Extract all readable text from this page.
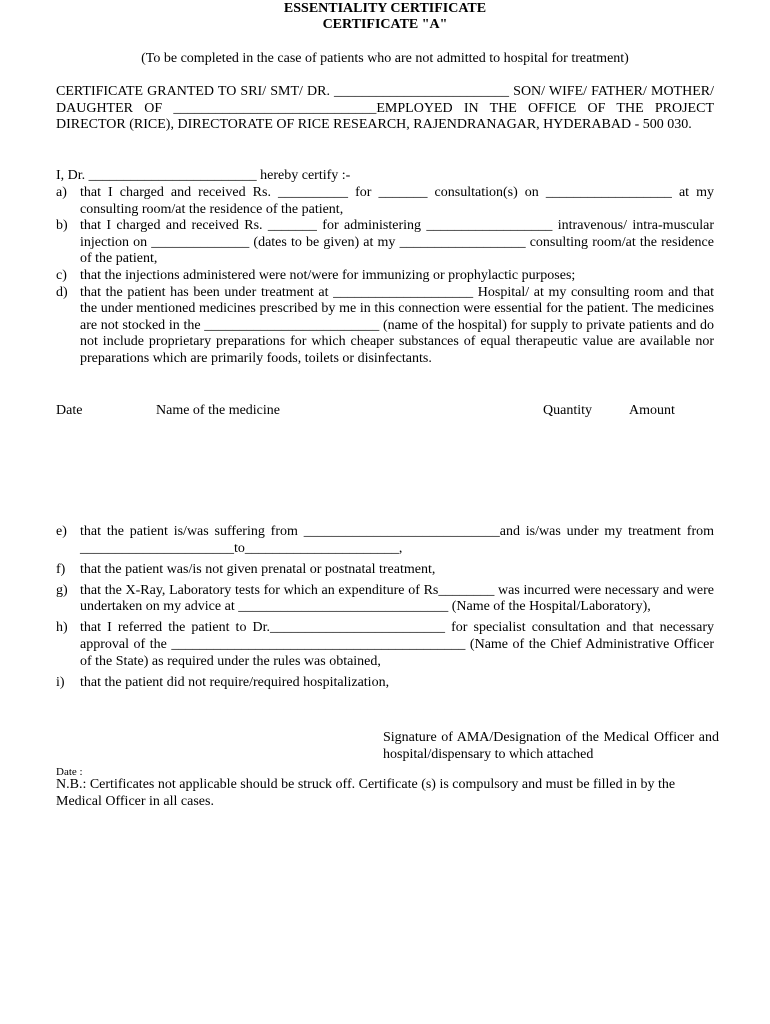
ESSENTIALITY CERTIFICATE
CERTIFICATE "A"
(To be completed in the case of patients who are not admitted to hospital for treatment)
CERTIFICATE GRANTED TO SRI/ SMT/ DR. _________________________ SON/ WIFE/ FATHER/ MOTHER/ DAUGHTER OF _____________________________EMPLOYED IN THE OFFICE OF THE PROJECT DIRECTOR (RICE), DIRECTORATE OF RICE RESEARCH, RAJENDRANAGAR, HYDERABAD - 500 030.
I, Dr. ________________________ hereby certify :-
a) that I charged and received Rs. __________ for _______ consultation(s) on __________________ at my consulting room/at the residence of the patient,
b) that I charged and received Rs. _______ for administering __________________ intravenous/ intra-muscular injection on ______________ (dates to be given) at my __________________ consulting room/at the residence of the patient,
c) that the injections administered were not/were for immunizing or prophylactic purposes;
d) that the patient has been under treatment at ____________________ Hospital/ at my consulting room and that the under mentioned medicines prescribed by me in this connection were essential for the patient. The medicines are not stocked in the _________________________ (name of the hospital) for supply to private patients and do not include proprietary preparations for which cheaper substances of equal therapeutic value are available nor preparations which are primarily foods, toilets or disinfectants.
Date	Name of the medicine	Quantity	Amount
e) that the patient is/was suffering from ____________________________and is/was under my treatment from ______________________to______________________,
f) that the patient was/is not given prenatal or postnatal treatment,
g) that the X-Ray, Laboratory tests for which an expenditure of Rs________ was incurred were necessary and were undertaken on my advice at ______________________________ (Name of the Hospital/Laboratory),
h) that I referred the patient to Dr._________________________ for specialist consultation and that necessary approval of the __________________________________________ (Name of the Chief Administrative Officer of the State) as required under the rules was obtained,
i) that the patient did not require/required hospitalization,
Signature of AMA/Designation of the Medical Officer and hospital/dispensary to which attached
Date :
N.B.: Certificates not applicable should be struck off. Certificate (s) is compulsory and must be filled in by the Medical Officer in all cases.
